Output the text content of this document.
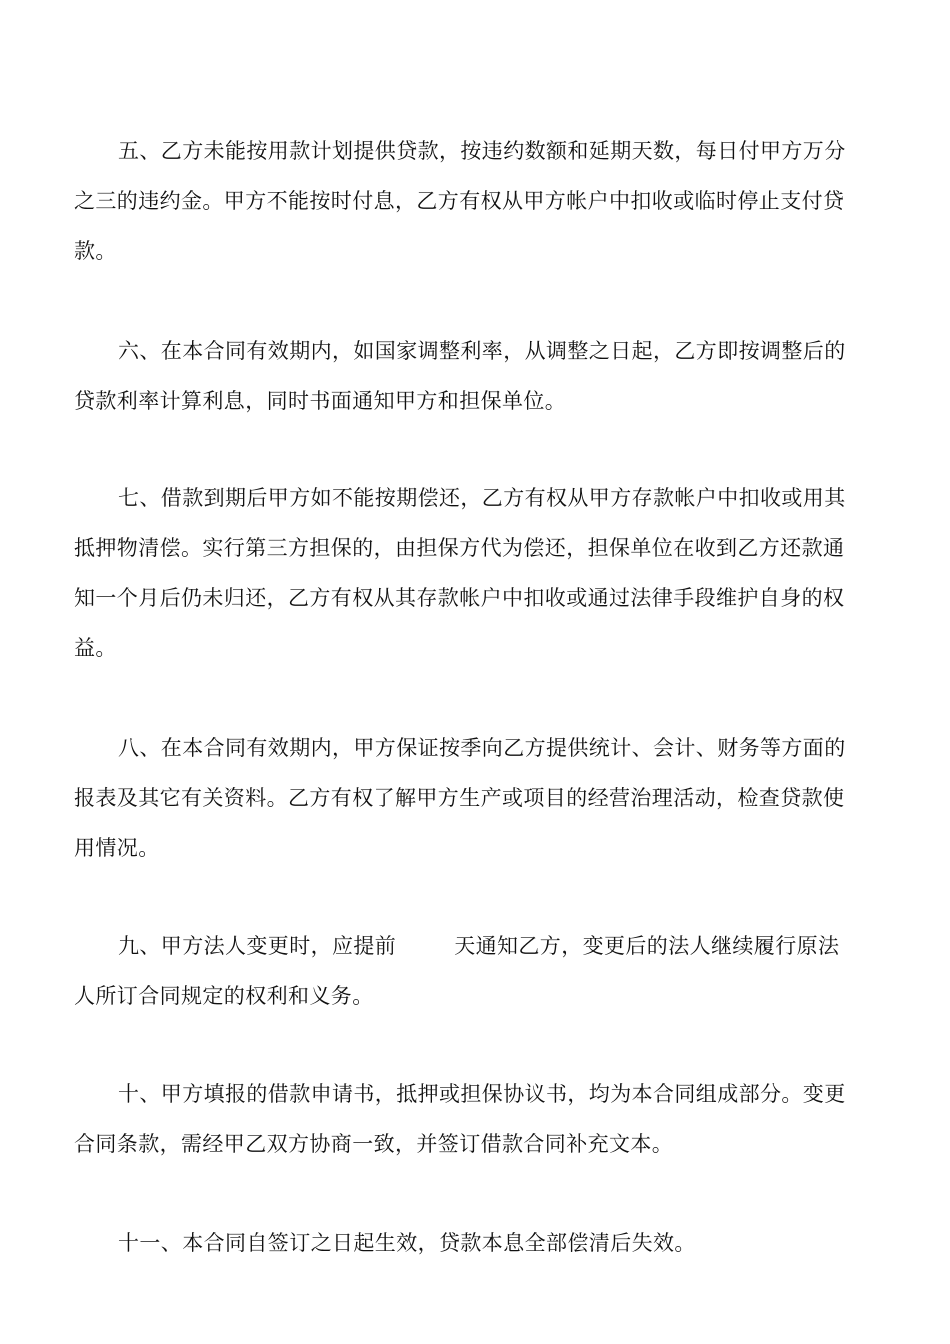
五、乙方未能按用款计划提供贷款，按违约数额和延期天数，每日付甲方万分
之三的违约金。甲方不能按时付息，乙方有权从甲方帐户中扣收或临时停止支付贷
款。

六、在本合同有效期内，如国家调整利率，从调整之日起，乙方即按调整后的
贷款利率计算利息，同时书面通知甲方和担保单位。

七、借款到期后甲方如不能按期偿还，乙方有权从甲方存款帐户中扣收或用其
抵押物清偿。实行第三方担保的，由担保方代为偿还，担保单位在收到乙方还款通
知一个月后仍未归还，乙方有权从其存款帐户中扣收或通过法律手段维护自身的权
益。

八、在本合同有效期内，甲方保证按季向乙方提供统计、会计、财务等方面的
报表及其它有关资料。乙方有权了解甲方生产或项目的经营治理活动，检查贷款使
用情况。

九、甲方法人变更时，应提前	天通知乙方，变更后的法人继续履行原法
人所订合同规定的权利和义务。

十、甲方填报的借款申请书，抵押或担保协议书，均为本合同组成部分。变更
合同条款，需经甲乙双方协商一致，并签订借款合同补充文本。

十一、本合同自签订之日起生效，贷款本息全部偿清后失效。
